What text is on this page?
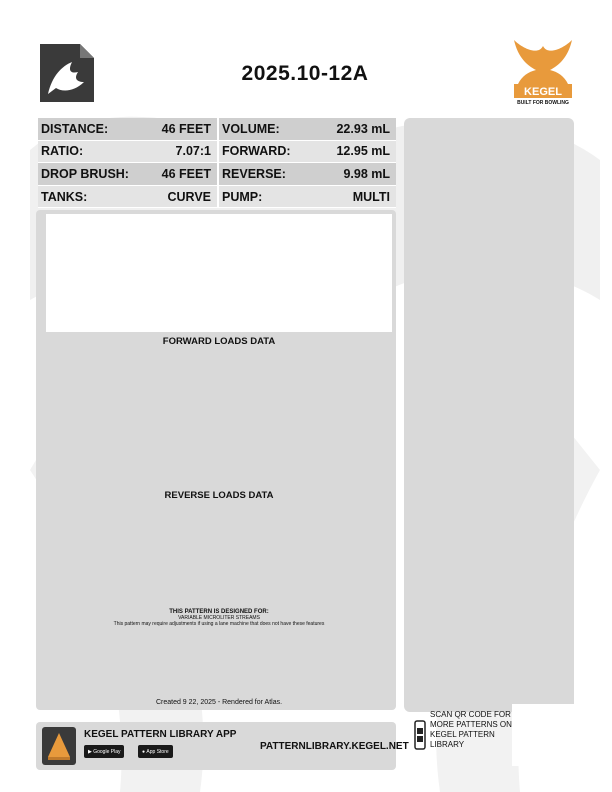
2025.10-12A
KEGEL
BUILT FOR BOWLING
DISTANCE:	46 FEET VOLUME:	22.93 mL
RATIO:	7.07:1 FORWARD:	12.95 mL
DROP BRUSH:	46 FEET REVERSE:	9.98 mL
TANKS:	CURVE PUMP:	MULTI
FORWARD LOADS DATA
REVERSE LOADS DATA
THIS PATTERN IS DESIGNED FOR:
VARIABLE MICROLITER STREAMS
This pattern may require adjustments if using a lane machine that does not have these features
Created 9 22, 2025 - Rendered for Atlas.
KEGEL PATTERN LIBRARY APP
▶ Google Play	● App Store	PATTERNLIBRARY.KEGEL.NET
SCAN QR CODE FOR MORE PATTERNS ON KEGEL PATTERN LIBRARY
